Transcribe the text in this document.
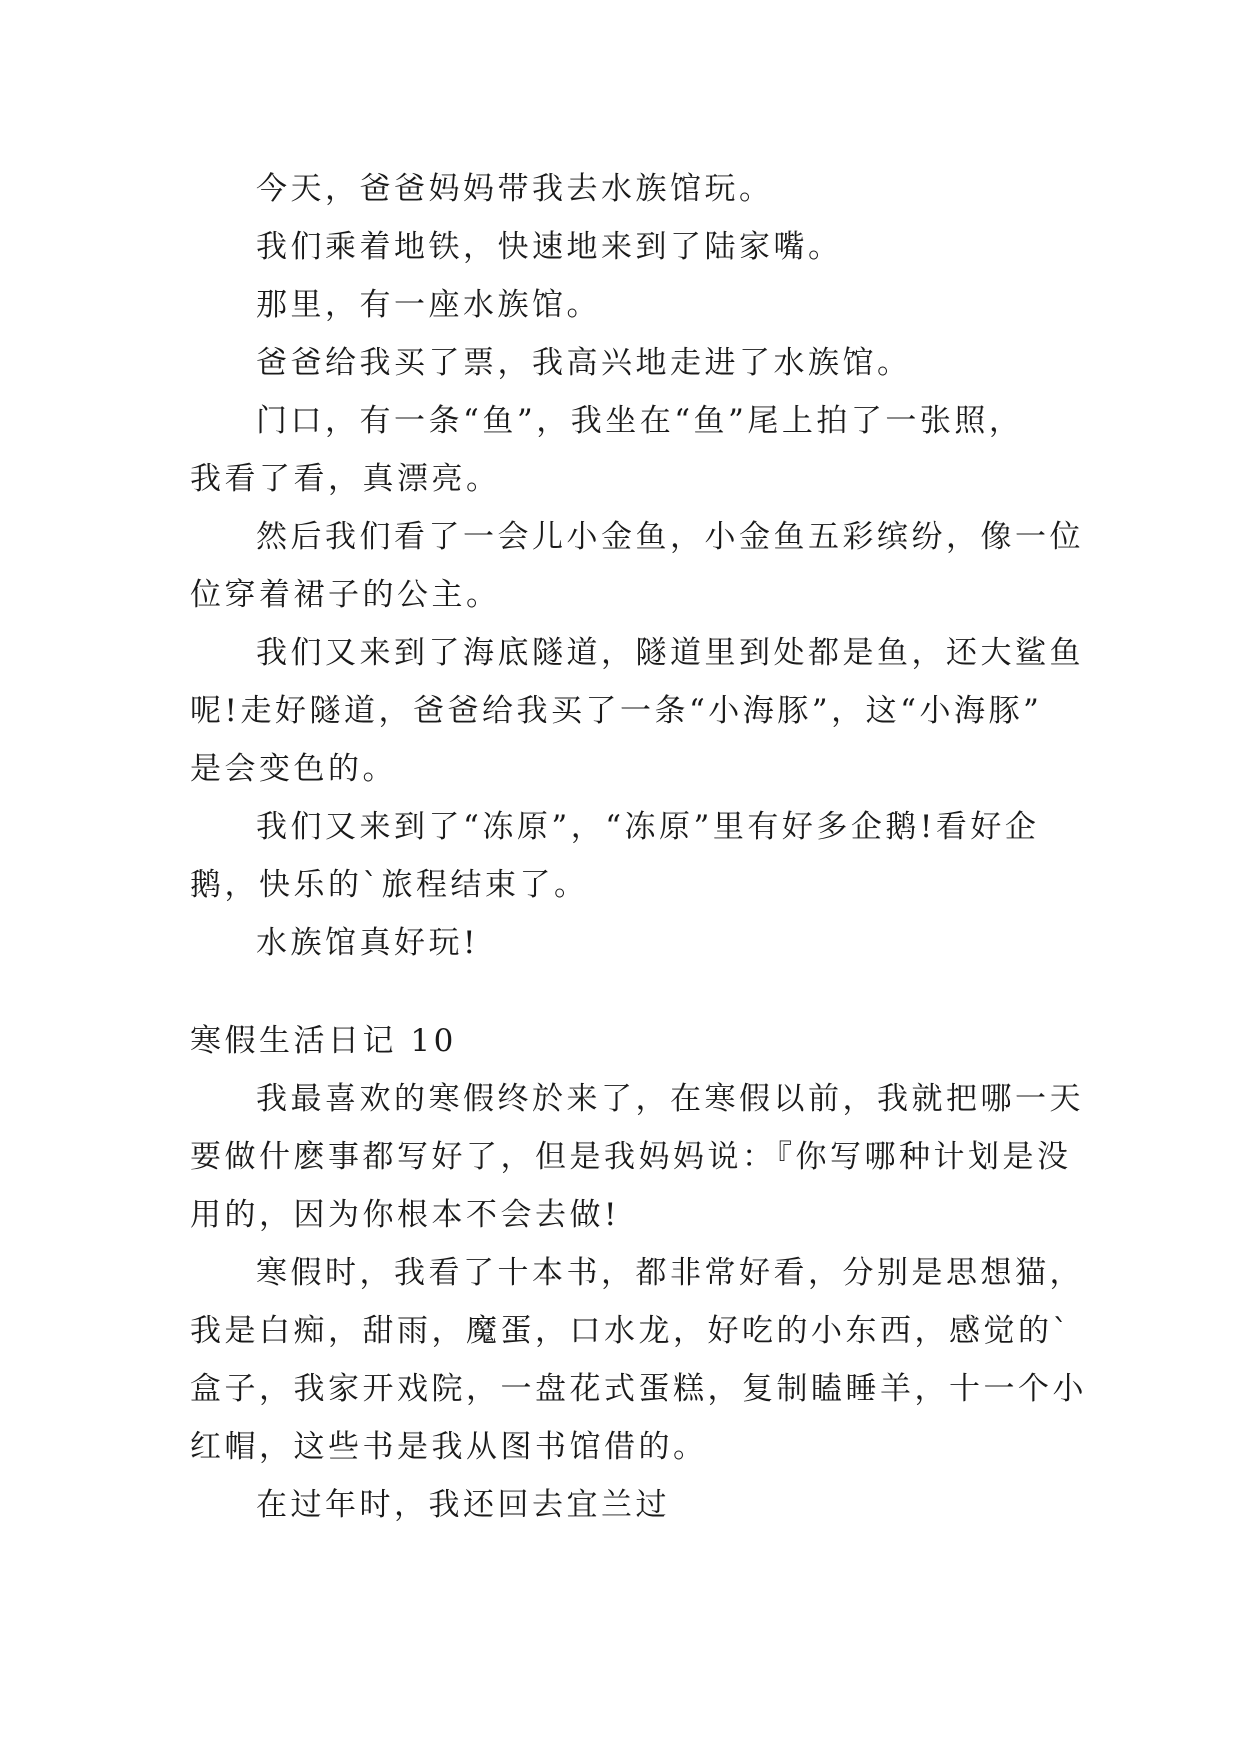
今天，爸爸妈妈带我去水族馆玩。
我们乘着地铁，快速地来到了陆家嘴。
那里，有一座水族馆。
爸爸给我买了票，我高兴地走进了水族馆。
门口，有一条“鱼”，我坐在“鱼”尾上拍了一张照，
我看了看，真漂亮。
然后我们看了一会儿小金鱼，小金鱼五彩缤纷，像一位
位穿着裙子的公主。
我们又来到了海底隧道，隧道里到处都是鱼，还大鲨鱼
呢!走好隧道，爸爸给我买了一条“小海豚”，这“小海豚”
是会变色的。
我们又来到了“冻原”，“冻原”里有好多企鹅!看好企
鹅，快乐的`旅程结束了。
水族馆真好玩!
寒假生活日记 10
我最喜欢的寒假终於来了，在寒假以前，我就把哪一天
要做什麽事都写好了，但是我妈妈说：『你写哪种计划是没
用的，因为你根本不会去做!
寒假时，我看了十本书，都非常好看，分别是思想猫，
我是白痴，甜雨，魔蛋，口水龙，好吃的小东西，感觉的`
盒子，我家开戏院，一盘花式蛋糕，复制瞌睡羊，十一个小
红帽，这些书是我从图书馆借的。
在过年时，我还回去宜兰过
